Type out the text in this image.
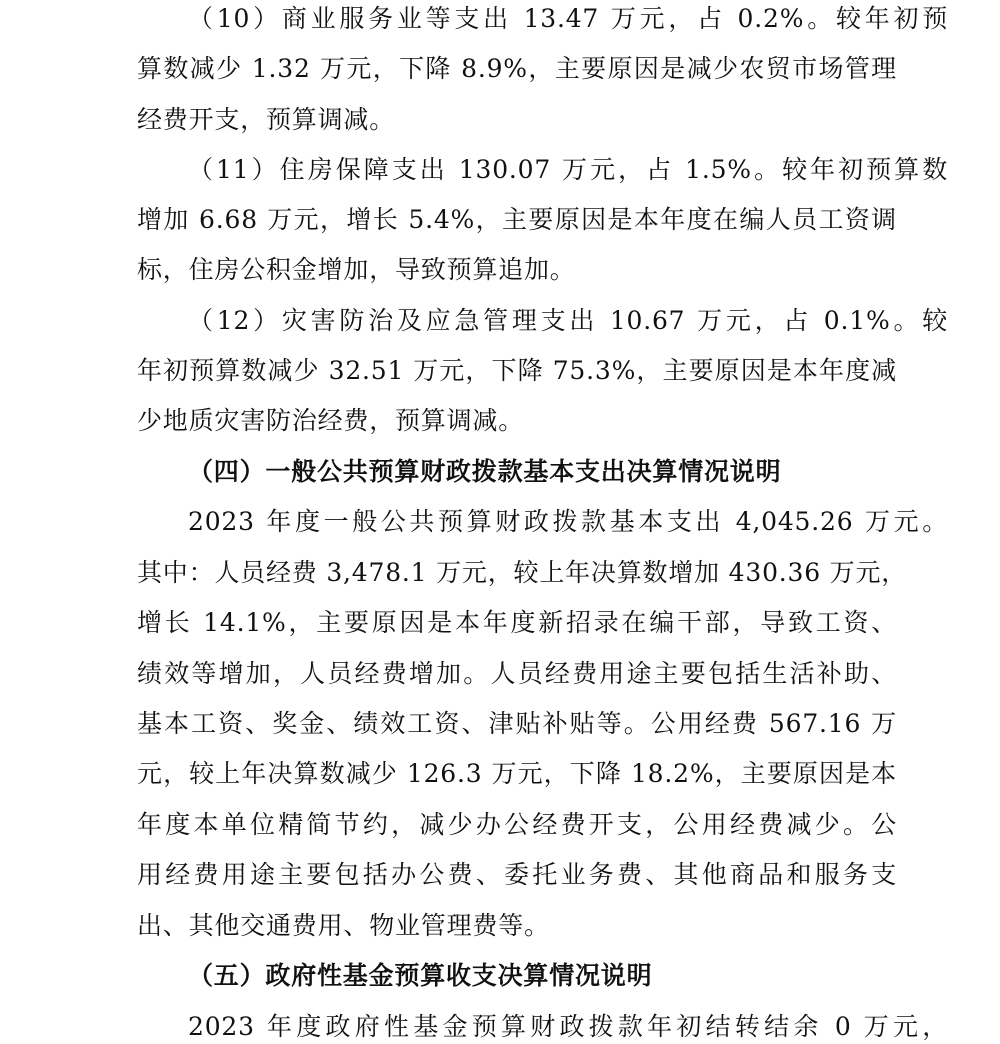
（10）商业服务业等支出 13.47 万元，占 0.2%。较年初预
算数减少 1.32 万元，下降 8.9%，主要原因是减少农贸市场管理
经费开支，预算调减。
（11）住房保障支出 130.07 万元，占 1.5%。较年初预算数
增加 6.68 万元，增长 5.4%，主要原因是本年度在编人员工资调
标，住房公积金增加，导致预算追加。
（12）灾害防治及应急管理支出 10.67 万元，占 0.1%。较
年初预算数减少 32.51 万元，下降 75.3%，主要原因是本年度减
少地质灾害防治经费，预算调减。
（四）一般公共预算财政拨款基本支出决算情况说明
2023 年度一般公共预算财政拨款基本支出 4,045.26 万元。
其中：人员经费 3,478.1 万元，较上年决算数增加 430.36 万元，
增长 14.1%，主要原因是本年度新招录在编干部，导致工资、
绩效等增加，人员经费增加。人员经费用途主要包括生活补助、
基本工资、奖金、绩效工资、津贴补贴等。公用经费 567.16 万
元，较上年决算数减少 126.3 万元，下降 18.2%，主要原因是本
年度本单位精简节约，减少办公经费开支，公用经费减少。公
用经费用途主要包括办公费、委托业务费、其他商品和服务支
出、其他交通费用、物业管理费等。
（五）政府性基金预算收支决算情况说明
2023 年度政府性基金预算财政拨款年初结转结余 0 万元，
